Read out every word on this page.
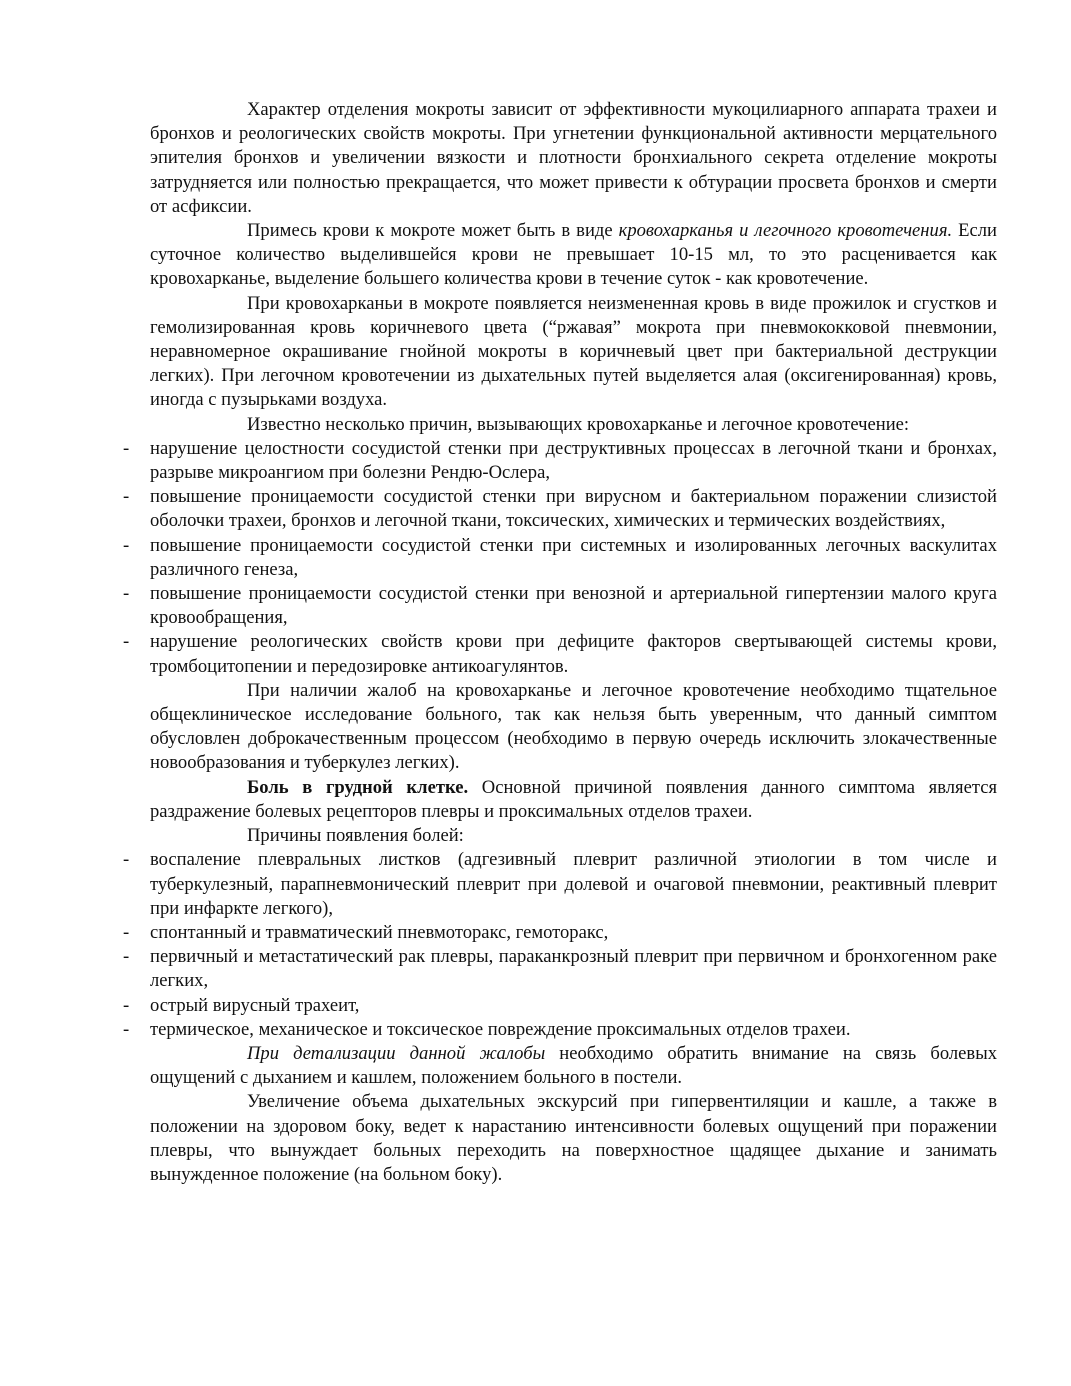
Характер отделения мокроты зависит от эффективности мукоцилиарного аппарата трахеи и бронхов и реологических свойств мокроты. При угнетении функциональной активности мерцательного эпителия бронхов и увеличении вязкости и плотности бронхиального секрета отделение мокроты затрудняется или полностью прекращается, что может привести к обтурации просвета бронхов и смерти от асфиксии.

Примесь крови к мокроте может быть в виде кровохарканья и легочного кровотечения. Если суточное количество выделившейся крови не превышает 10-15 мл, то это расценивается как кровохарканье, выделение большего количества крови в течение суток - как кровотечение.

При кровохарканьи в мокроте появляется неизмененная кровь в виде прожилок и сгустков и гемолизированная кровь коричневого цвета (“ржавая” мокрота при пневмококковой пневмонии, неравномерное окрашивание гнойной мокроты в коричневый цвет при бактериальной деструкции легких). При легочном кровотечении из дыхательных путей выделяется алая (оксигенированная) кровь, иногда с пузырьками воздуха.

Известно несколько причин, вызывающих кровохарканье и легочное кровотечение:

- нарушение целостности сосудистой стенки при деструктивных процессах в легочной ткани и бронхах, разрыве микроангиом при болезни Рендю-Ослера,
- повышение проницаемости сосудистой стенки при вирусном и бактериальном поражении слизистой оболочки трахеи, бронхов и легочной ткани, токсических, химических и термических воздействиях,
- повышение проницаемости сосудистой стенки при системных и изолированных легочных васкулитах различного генеза,
- повышение проницаемости сосудистой стенки при венозной и артериальной гипертензии малого круга кровообращения,
- нарушение реологических свойств крови при дефиците факторов свертывающей системы крови, тромбоцитопении и передозировке антикоагулянтов.

При наличии жалоб на кровохарканье и легочное кровотечение необходимо тщательное общеклиническое исследование больного, так как нельзя быть уверенным, что данный симптом обусловлен доброкачественным процессом (необходимо в первую очередь исключить злокачественные новообразования и туберкулез легких).

Боль в грудной клетке. Основной причиной появления данного симптома является раздражение болевых рецепторов плевры и проксимальных отделов трахеи.

Причины появления болей:

- воспаление плевральных листков (адгезивный плеврит различной этиологии в том числе и туберкулезный, парапневмонический плеврит при долевой и очаговой пневмонии, реактивный плеврит при инфаркте легкого),
- спонтанный и травматический пневмоторакс, гемоторакс,
- первичный и метастатический рак плевры, параканкрозный плеврит при первичном и бронхогенном раке легких,
- острый вирусный трахеит,
- термическое, механическое и токсическое повреждение проксимальных отделов трахеи.

При детализации данной жалобы необходимо обратить внимание на связь болевых ощущений с дыханием и кашлем, положением больного в постели.

Увеличение объема дыхательных экскурсий при гипервентиляции и кашле, а также в положении на здоровом боку, ведет к нарастанию интенсивности болевых ощущений при поражении плевры, что вынуждает больных переходить на поверхностное щадящее дыхание и занимать вынужденное положение (на больном боку).
